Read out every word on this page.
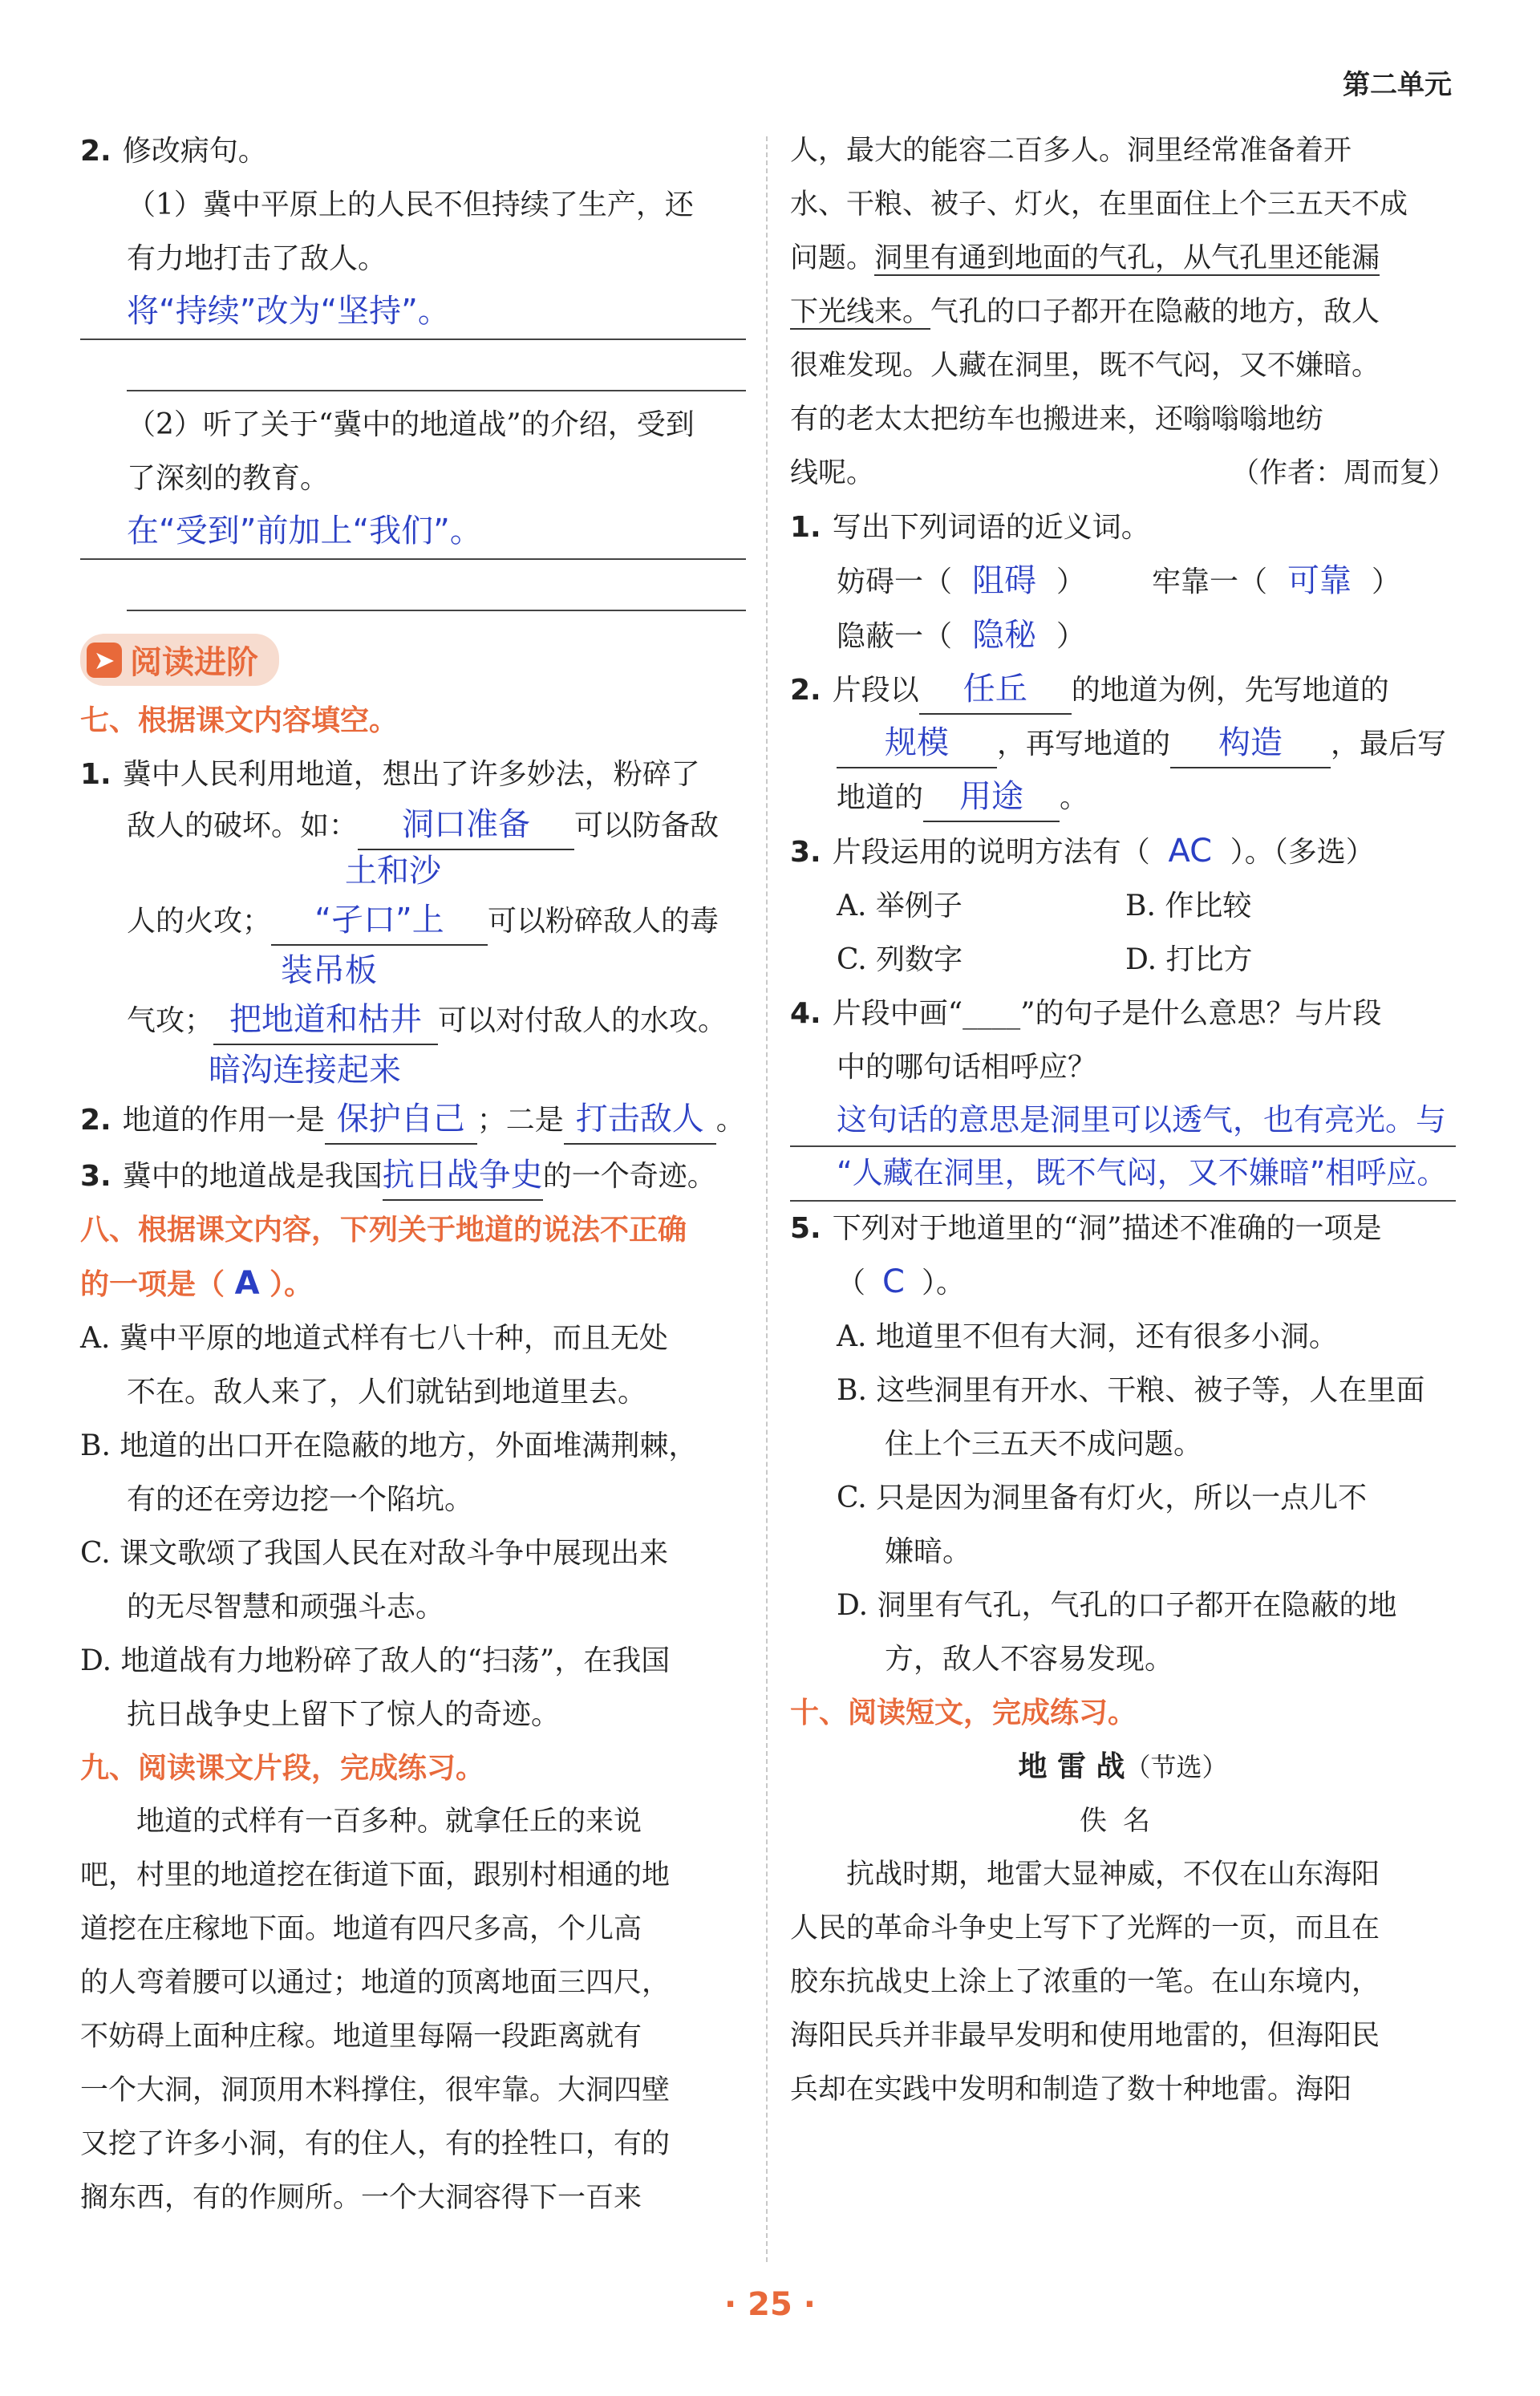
第二单元
2. 修改病句。
（1）冀中平原上的人民不但持续了生产，还
有力地打击了敌人。
将“持续”改为“坚持”。
（2）听了关于“冀中的地道战”的介绍，受到
了深刻的教育。
在“受到”前加上“我们”。
➤ 阅读进阶
七、根据课文内容填空。
1. 冀中人民利用地道，想出了许多妙法，粉碎了
敌人的破坏。如： 洞口准备 可以防备敌
土和沙
人的火攻； “孑口”上 可以粉碎敌人的毒
装吊板
气攻； 把地道和枯井 可以对付敌人的水攻。
暗沟连接起来
2. 地道的作用一是 保护自己 ；二是 打击敌人 。
3. 冀中的地道战是我国抗日战争史的一个奇迹。
八、根据课文内容，下列关于地道的说法不正确
的一项是（ A ）。
A. 冀中平原的地道式样有七八十种，而且无处
不在。敌人来了，人们就钻到地道里去。
B. 地道的出口开在隐蔽的地方，外面堆满荆棘，
有的还在旁边挖一个陷坑。
C. 课文歌颂了我国人民在对敌斗争中展现出来
的无尽智慧和顽强斗志。
D. 地道战有力地粉碎了敌人的“扫荡”，在我国
抗日战争史上留下了惊人的奇迹。
九、阅读课文片段，完成练习。
　　地道的式样有一百多种。就拿任丘的来说
吧，村里的地道挖在街道下面，跟别村相通的地
道挖在庄稼地下面。地道有四尺多高，个儿高
的人弯着腰可以通过；地道的顶离地面三四尺，
不妨碍上面种庄稼。地道里每隔一段距离就有
一个大洞，洞顶用木料撑住，很牢靠。大洞四壁
又挖了许多小洞，有的住人，有的拴牲口，有的
搁东西，有的作厕所。一个大洞容得下一百来
人，最大的能容二百多人。洞里经常准备着开
水、干粮、被子、灯火，在里面住上个三五天不成
问题。洞里有通到地面的气孔，从气孔里还能漏
下光线来。气孔的口子都开在隐蔽的地方，敌人
很难发现。人藏在洞里，既不气闷，又不嫌暗。
有的老太太把纺车也搬进来，还嗡嗡嗡地纺
线呢。	（作者：周而复）
1. 写出下列词语的近义词。
妨碍一（ 阻碍 ） 牢靠一（ 可靠 ）
隐蔽一（ 隐秘 ）
2. 片段以 任丘 的地道为例，先写地道的
规模 ，再写地道的 构造 ，最后写
地道的 用途 。
3. 片段运用的说明方法有（ AC ）。（多选）
A. 举例子	B. 作比较
C. 列数字	D. 打比方
4. 片段中画“____”的句子是什么意思？与片段
中的哪句话相呼应？
这句话的意思是洞里可以透气，也有亮光。与
“人藏在洞里，既不气闷，又不嫌暗”相呼应。
5. 下列对于地道里的“洞”描述不准确的一项是
（ C ）。
A. 地道里不但有大洞，还有很多小洞。
B. 这些洞里有开水、干粮、被子等，人在里面
住上个三五天不成问题。
C. 只是因为洞里备有灯火，所以一点儿不
嫌暗。
D. 洞里有气孔，气孔的口子都开在隐蔽的地
方，敌人不容易发现。
十、阅读短文，完成练习。
地 雷 战（节选）
佚名
　　抗战时期，地雷大显神威，不仅在山东海阳
人民的革命斗争史上写下了光辉的一页，而且在
胶东抗战史上涂上了浓重的一笔。在山东境内，
海阳民兵并非最早发明和使用地雷的，但海阳民
兵却在实践中发明和制造了数十种地雷。海阳
· 25 ·
